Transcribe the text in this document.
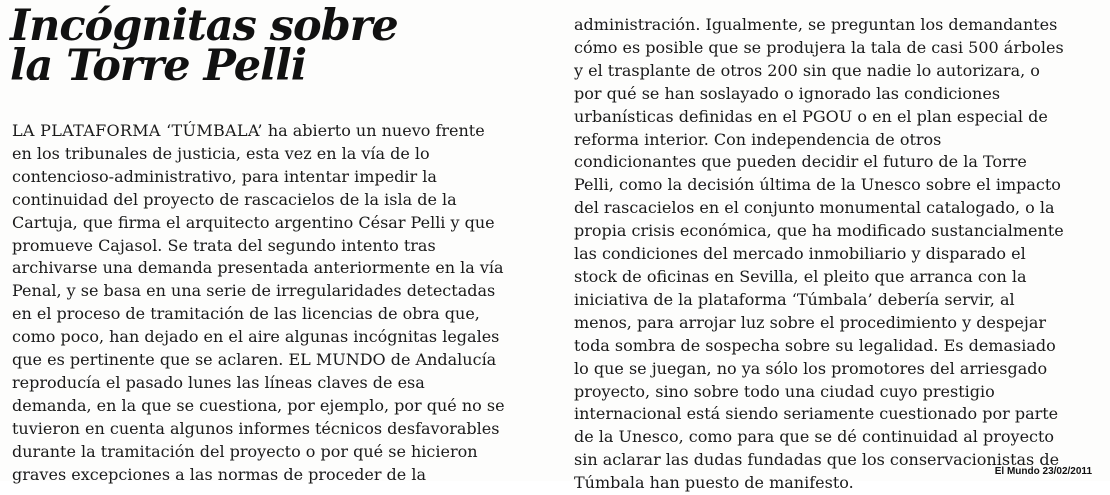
Incógnitas sobre
la Torre Pelli
LA PLATAFORMA ‘TÚMBALA’ ha abierto un nuevo frente
en los tribunales de justicia, esta vez en la vía de lo
contencioso-administrativo, para intentar impedir la
continuidad del proyecto de rascacielos de la isla de la
Cartuja, que firma el arquitecto argentino César Pelli y que
promueve Cajasol. Se trata del segundo intento tras
archivarse una demanda presentada anteriormente en la vía
Penal, y se basa en una serie de irregularidades detectadas
en el proceso de tramitación de las licencias de obra que,
como poco, han dejado en el aire algunas incógnitas legales
que es pertinente que se aclaren. EL MUNDO de Andalucía
reproducía el pasado lunes las líneas claves de esa
demanda, en la que se cuestiona, por ejemplo, por qué no se
tuvieron en cuenta algunos informes técnicos desfavorables
durante la tramitación del proyecto o por qué se hicieron
graves excepciones a las normas de proceder de la
administración. Igualmente, se preguntan los demandantes
cómo es posible que se produjera la tala de casi 500 árboles
y el trasplante de otros 200 sin que nadie lo autorizara, o
por qué se han soslayado o ignorado las condiciones
urbanísticas definidas en el PGOU o en el plan especial de
reforma interior. Con independencia de otros
condicionantes que pueden decidir el futuro de la Torre
Pelli, como la decisión última de la Unesco sobre el impacto
del rascacielos en el conjunto monumental catalogado, o la
propia crisis económica, que ha modificado sustancialmente
las condiciones del mercado inmobiliario y disparado el
stock de oficinas en Sevilla, el pleito que arranca con la
iniciativa de la plataforma ‘Túmbala’ debería servir, al
menos, para arrojar luz sobre el procedimiento y despejar
toda sombra de sospecha sobre su legalidad. Es demasiado
lo que se juegan, no ya sólo los promotores del arriesgado
proyecto, sino sobre todo una ciudad cuyo prestigio
internacional está siendo seriamente cuestionado por parte
de la Unesco, como para que se dé continuidad al proyecto
sin aclarar las dudas fundadas que los conservacionistas de
Túmbala han puesto de manifesto.
El Mundo 23/02/2011
